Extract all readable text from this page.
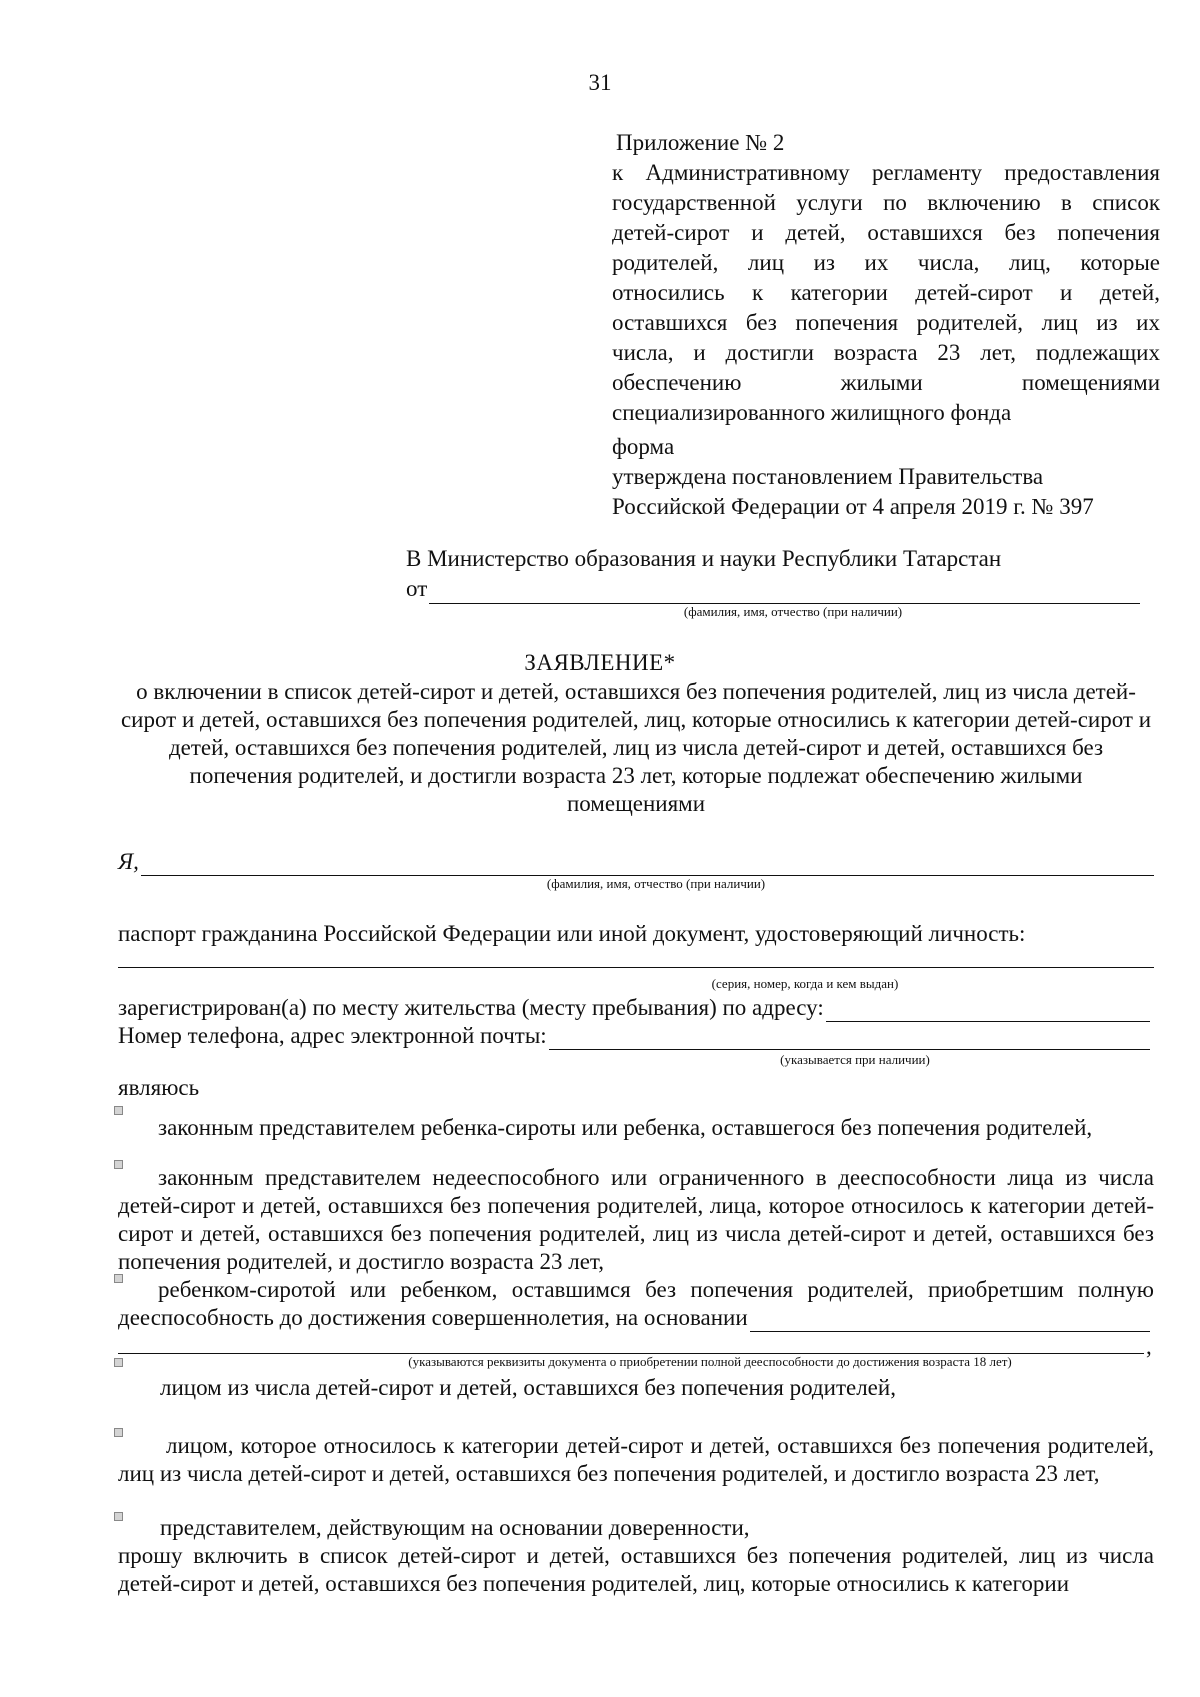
31
Приложение № 2
к Административному регламенту предоставления
государственной услуги по включению в список
детей-сирот и детей, оставшихся без попечения
родителей, лиц из их числа, лиц, которые
относились к категории детей-сирот и детей,
оставшихся без попечения родителей, лиц из их
числа, и достигли возраста 23 лет, подлежащих
обеспечению жилыми помещениями
специализированного жилищного фонда
форма
утверждена постановлением Правительства
Российской Федерации от 4 апреля 2019 г. № 397
В Министерство образования и науки Республики Татарстан
от
(фамилия, имя, отчество (при наличии)
ЗАЯВЛЕНИЕ*
о включении в список детей-сирот и детей, оставшихся без попечения родителей, лиц из числа детей-сирот и детей, оставшихся без попечения родителей, лиц, которые относились к категории детей-сирот и детей, оставшихся без попечения родителей, лиц из числа детей-сирот и детей, оставшихся без попечения родителей, и достигли возраста 23 лет, которые подлежат обеспечению жилыми помещениями
Я,
(фамилия, имя, отчество (при наличии)
паспорт гражданина Российской Федерации или иной документ, удостоверяющий личность:
(серия, номер, когда и кем выдан)
зарегистрирован(а) по месту жительства (месту пребывания) по адресу:
Номер телефона, адрес электронной почты:
(указывается при наличии)
являюсь
законным представителем ребенка-сироты или ребенка, оставшегося без попечения родителей,
законным представителем недееспособного или ограниченного в дееспособности лица из числа детей-сирот и детей, оставшихся без попечения родителей, лица, которое относилось к категории детей-сирот и детей, оставшихся без попечения родителей, лиц из числа детей-сирот и детей, оставшихся без попечения родителей, и достигло возраста 23 лет,
ребенком-сиротой или ребенком, оставшимся без попечения родителей, приобретшим полную
дееспособность до достижения совершеннолетия, на основании
,
(указываются реквизиты документа о приобретении полной дееспособности до достижения возраста 18 лет)
лицом из числа детей-сирот и детей, оставшихся без попечения родителей,
лицом, которое относилось к категории детей-сирот и детей, оставшихся без попечения родителей, лиц из числа детей-сирот и детей, оставшихся без попечения родителей, и достигло возраста 23 лет,
представителем, действующим на основании доверенности,
прошу включить в список детей-сирот и детей, оставшихся без попечения родителей, лиц из числа детей-сирот и детей, оставшихся без попечения родителей, лиц, которые относились к категории
